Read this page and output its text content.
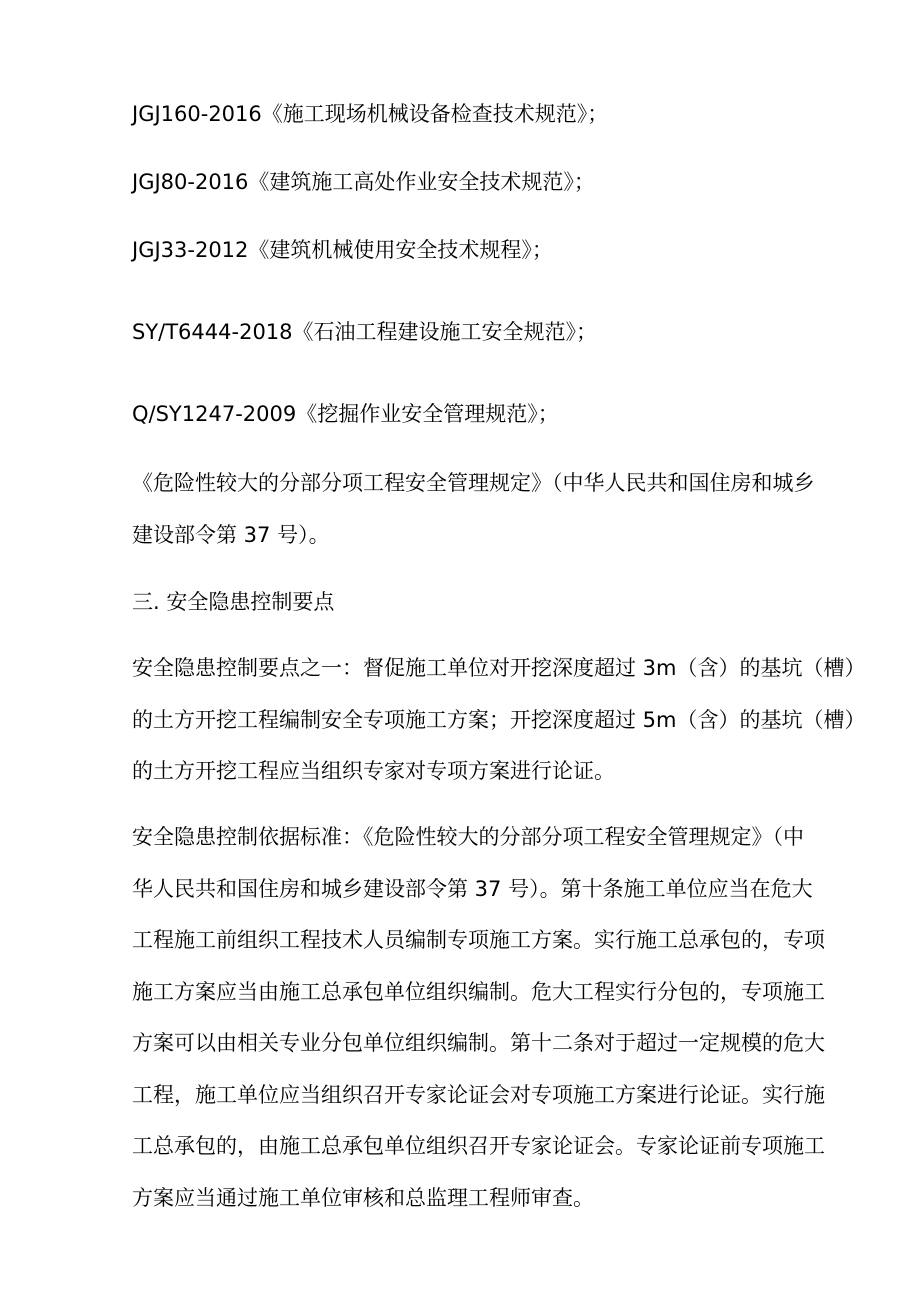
JGJ160-2016《施工现场机械设备检查技术规范》；
JGJ80-2016《建筑施工高处作业安全技术规范》；
JGJ33-2012《建筑机械使用安全技术规程》；
SY/T6444-2018《石油工程建设施工安全规范》；
Q/SY1247-2009《挖掘作业安全管理规范》；

《危险性较大的分部分项工程安全管理规定》（中华人民共和国住房和城乡

建设部令第 37 号）。

三. 安全隐患控制要点

安全隐患控制要点之一：督促施工单位对开挖深度超过 3m（含）的基坑（槽）

的土方开挖工程编制安全专项施工方案；开挖深度超过 5m（含）的基坑（槽）

的土方开挖工程应当组织专家对专项方案进行论证。

安全隐患控制依据标准：《危险性较大的分部分项工程安全管理规定》（中

华人民共和国住房和城乡建设部令第 37 号）。第十条施工单位应当在危大

工程施工前组织工程技术人员编制专项施工方案。实行施工总承包的，专项

施工方案应当由施工总承包单位组织编制。危大工程实行分包的，专项施工

方案可以由相关专业分包单位组织编制。第十二条对于超过一定规模的危大

工程，施工单位应当组织召开专家论证会对专项施工方案进行论证。实行施

工总承包的，由施工总承包单位组织召开专家论证会。专家论证前专项施工

方案应当通过施工单位审核和总监理工程师审查。
